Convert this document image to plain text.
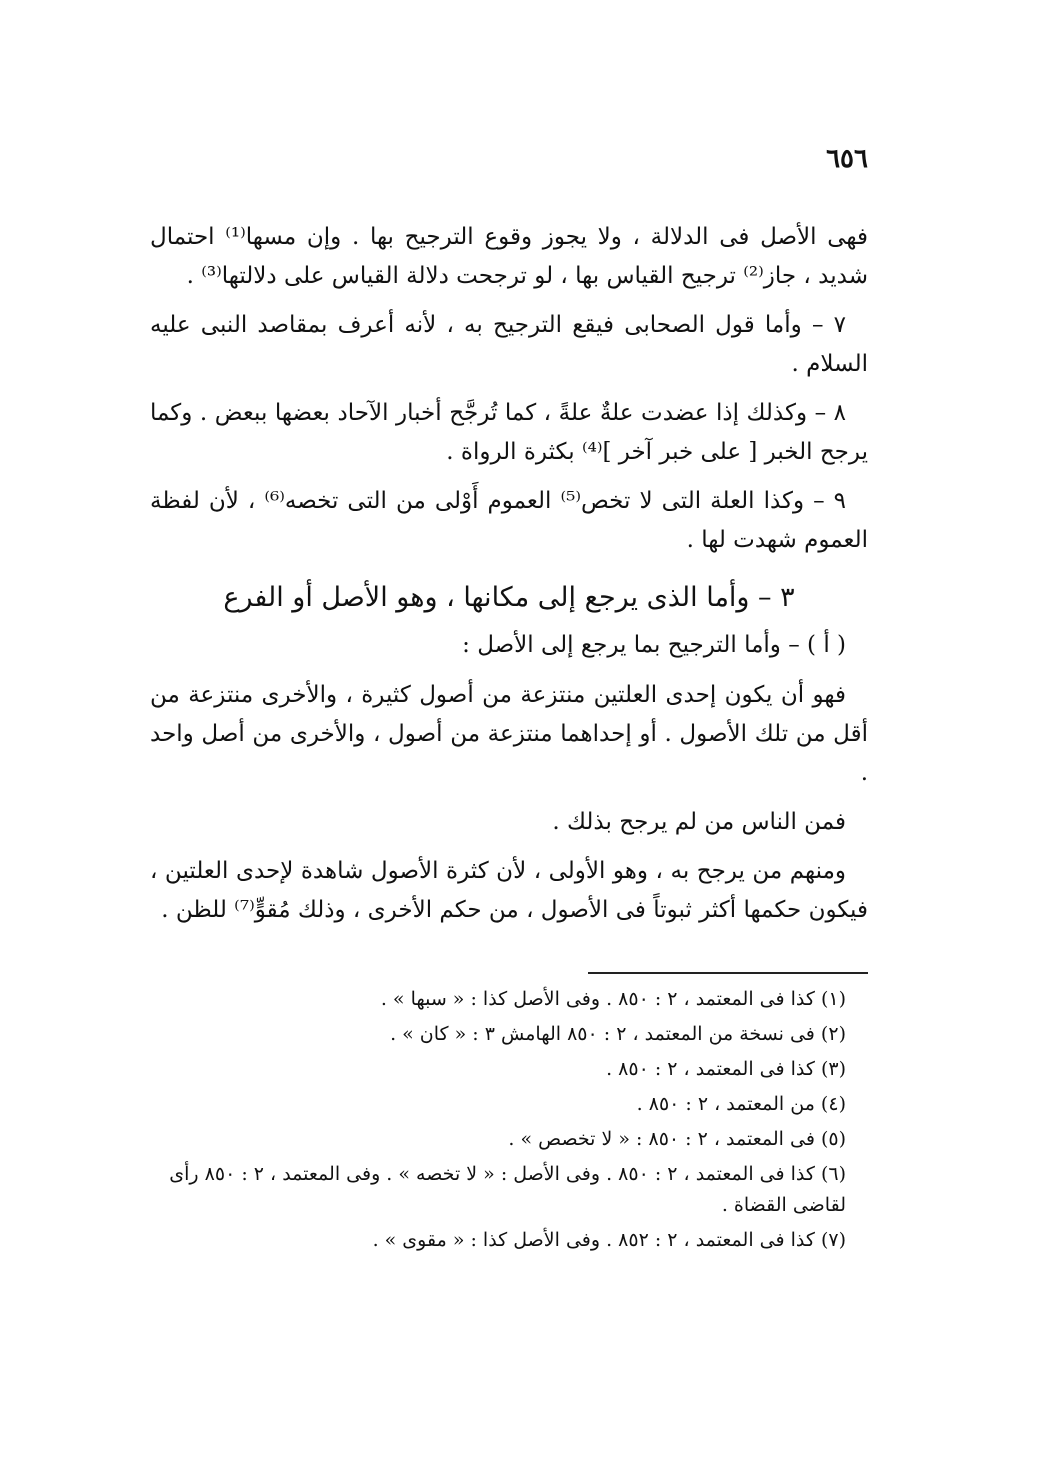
٦٥٦

فهى الأصل فى الدلالة ، ولا يجوز وقوع الترجيح بها . وإن مسها⁽¹⁾ احتمال شديد ، جاز⁽²⁾ ترجيح القياس بها ، لو ترجحت دلالة القياس على دلالتها⁽³⁾ .

٧ – وأما قول الصحابى فيقع الترجيح به ، لأنه أعرف بمقاصد النبى عليه السلام .

٨ – وكذلك إذا عضدت علةٌ علةً ، كما تُرجَّح أخبار الآحاد بعضها ببعض . وكما يرجح الخبر [ على خبر آخر ]⁽⁴⁾ بكثرة الرواة .

٩ – وكذا العلة التى لا تخص⁽⁵⁾ العموم أَوْلى من التى تخصه⁽⁶⁾ ، لأن لفظة العموم شهدت لها .

٣ – وأما الذى يرجع إلى مكانها ، وهو الأصل أو الفرع
( أ ) – وأما الترجيح بما يرجع إلى الأصل :

فهو أن يكون إحدى العلتين منتزعة من أصول كثيرة ، والأخرى منتزعة من أقل من تلك الأصول . أو إحداهما منتزعة من أصول ، والأخرى من أصل واحد .

فمن الناس من لم يرجح بذلك .

ومنهم من يرجح به ، وهو الأولى ، لأن كثرة الأصول شاهدة لإحدى العلتين ، فيكون حكمها أكثر ثبوتاً فى الأصول ، من حكم الأخرى ، وذلك مُقوٍّ⁽⁷⁾ للظن .

(١) كذا فى المعتمد ، ٢ : ٨٥٠ . وفى الأصل كذا : « سبها » .

(٢) فى نسخة من المعتمد ، ٢ : ٨٥٠ الهامش ٣ : « كان » .

(٣) كذا فى المعتمد ، ٢ : ٨٥٠ .

(٤) من المعتمد ، ٢ : ٨٥٠ .

(٥) فى المعتمد ، ٢ : ٨٥٠ : « لا تخصص » .

(٦) كذا فى المعتمد ، ٢ : ٨٥٠ . وفى الأصل : « لا تخصه » . وفى المعتمد ، ٢ : ٨٥٠ رأى لقاضى القضاة .

(٧) كذا فى المعتمد ، ٢ : ٨٥٢ . وفى الأصل كذا : « مقوى » .
